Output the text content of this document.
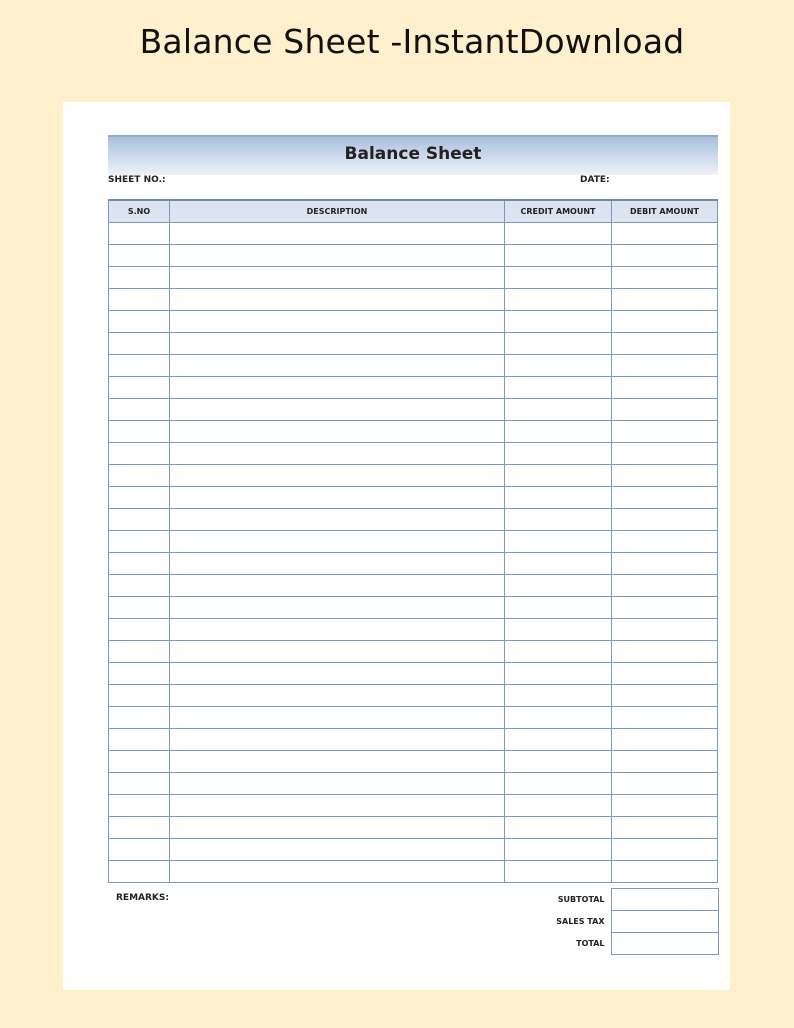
Balance Sheet -InstantDownload
Balance Sheet
SHEET NO.:	DATE:
S.NO	DESCRIPTION	CREDIT AMOUNT	DEBIT AMOUNT

REMARKS:	SUBTOTAL	
SALES TAX	
TOTAL	
